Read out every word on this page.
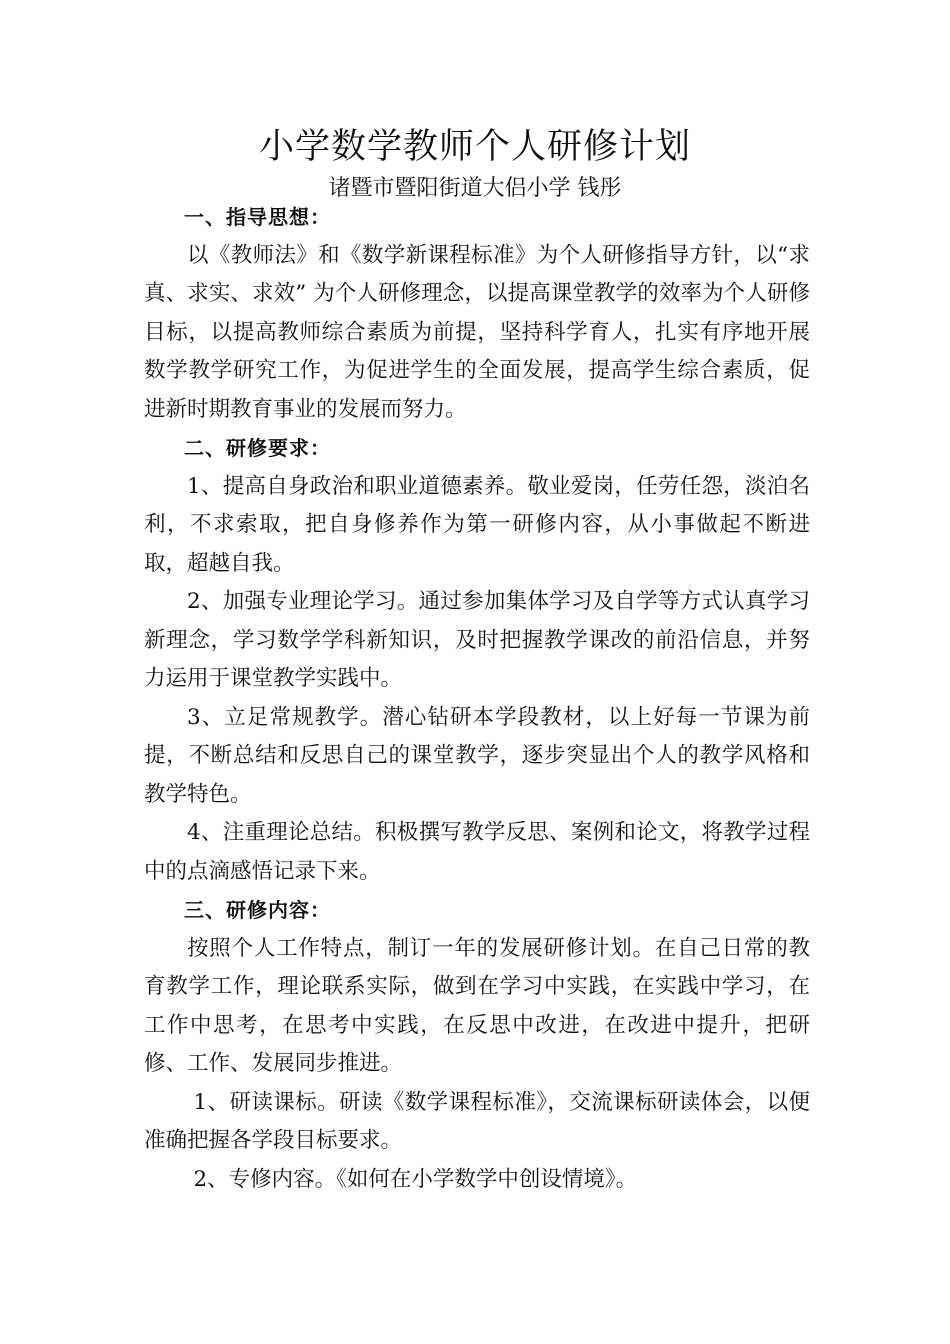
小学数学教师个人研修计划
诸暨市暨阳街道大侣小学 钱彤

一、指导思想：

以《教师法》和《数学新课程标准》为个人研修指导方针，以“求真、求实、求效” 为个人研修理念，以提高课堂教学的效率为个人研修目标，以提高教师综合素质为前提，坚持科学育人，扎实有序地开展数学教学研究工作，为促进学生的全面发展，提高学生综合素质，促进新时期教育事业的发展而努力。

二、研修要求：

1、提高自身政治和职业道德素养。敬业爱岗，任劳任怨，淡泊名利，不求索取，把自身修养作为第一研修内容，从小事做起不断进取，超越自我。

2、加强专业理论学习。通过参加集体学习及自学等方式认真学习新理念，学习数学学科新知识，及时把握教学课改的前沿信息，并努力运用于课堂教学实践中。

3、立足常规教学。潜心钻研本学段教材，以上好每一节课为前提，不断总结和反思自己的课堂教学，逐步突显出个人的教学风格和教学特色。

4、注重理论总结。积极撰写教学反思、案例和论文，将教学过程中的点滴感悟记录下来。

三、研修内容：

按照个人工作特点，制订一年的发展研修计划。在自己日常的教育教学工作，理论联系实际，做到在学习中实践，在实践中学习，在工作中思考，在思考中实践，在反思中改进，在改进中提升，把研修、工作、发展同步推进。

1、研读课标。研读《数学课程标准》，交流课标研读体会，以便准确把握各学段目标要求。

2、专修内容。《如何在小学数学中创设情境》。
